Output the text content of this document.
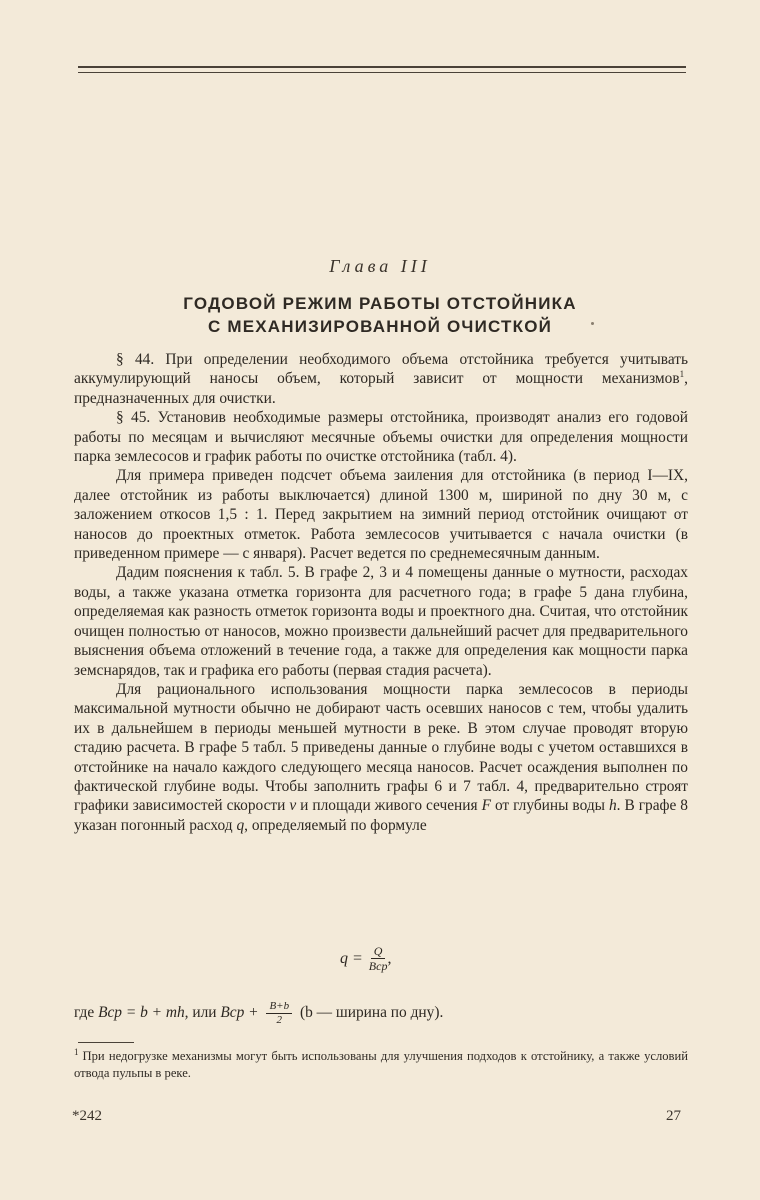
Глава III
ГОДОВОЙ РЕЖИМ РАБОТЫ ОТСТОЙНИКА
С МЕХАНИЗИРОВАННОЙ ОЧИСТКОЙ

§ 44. При определении необходимого объема отстойника требуется учитывать аккумулирующий наносы объем, который зависит от мощности механизмов$^1$, предназначенных для очистки.

§ 45. Установив необходимые размеры отстойника, производят анализ его годовой работы по месяцам и вычисляют месячные объемы очистки для определения мощности парка землесосов и график работы по очистке отстойника (табл. 4).

Для примера приведен подсчет объема заиления для отстойника (в период I—IX, далее отстойник из работы выключается) длиной 1300 м, шириной по дну 30 м, с заложением откосов 1,5 : 1. Перед закрытием на зимний период отстойник очищают от наносов до проектных отметок. Работа землесосов учитывается с начала очистки (в приведенном примере — с января). Расчет ведется по среднемесячным данным.

Дадим пояснения к табл. 5. В графе 2, 3 и 4 помещены данные о мутности, расходах воды, а также указана отметка горизонта для расчетного года; в графе 5 дана глубина, определяемая как разность отметок горизонта воды и проектного дна. Считая, что отстойник очищен полностью от наносов, можно произвести дальнейший расчет для предварительного выяснения объема отложений в течение года, а также для определения как мощности парка земснарядов, так и графика его работы (первая стадия расчета).

Для рационального использования мощности парка землесосов в периоды максимальной мутности обычно не добирают часть осевших наносов с тем, чтобы удалить их в дальнейшем в периоды меньшей мутности в реке. В этом случае проводят вторую стадию расчета. В графе 5 табл. 5 приведены данные о глубине воды с учетом оставшихся в отстойнике на начало каждого следующего месяца наносов. Расчет осаждения выполнен по фактической глубине воды. Чтобы заполнить графы 6 и 7 табл. 4, предварительно строят графики зависимостей скорости v и площади живого сечения F от глубины воды h. В графе 8 указан погонный расход q, определяемый по формуле

$q = \frac{Q}{\text{Bср}}$ ,
где Bср = b + mh, или Bср + $\frac{B+b}{2} (b$ — ширина по дну).
$^1$ При недогрузке механизмы могут быть использованы для улучшения подходов к отстойнику, а также условий отвода пульпы в реке.
*242	27
